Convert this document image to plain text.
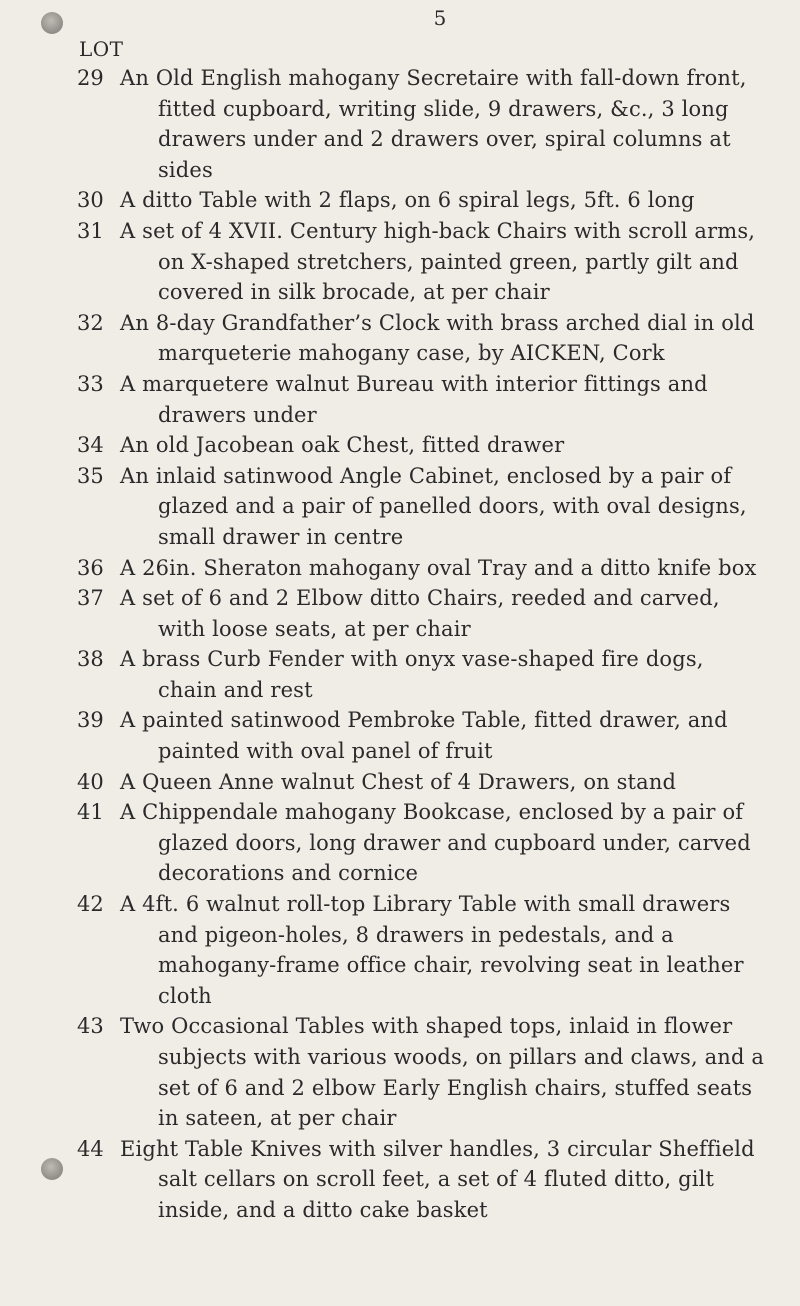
5
LOT
29 An Old English mahogany Secretaire with fall-down front, fitted cupboard, writing slide, 9 drawers, &c., 3 long drawers under and 2 drawers over, spiral columns at sides
30 A ditto Table with 2 flaps, on 6 spiral legs, 5ft. 6 long
31 A set of 4 XVII. Century high-back Chairs with scroll arms, on X-shaped stretchers, painted green, partly gilt and covered in silk brocade, at per chair
32 An 8-day Grandfather’s Clock with brass arched dial in old marqueterie mahogany case, by AICKEN, Cork
33 A marquetere walnut Bureau with interior fittings and drawers under
34 An old Jacobean oak Chest, fitted drawer
35 An inlaid satinwood Angle Cabinet, enclosed by a pair of glazed and a pair of panelled doors, with oval designs, small drawer in centre
36 A 26in. Sheraton mahogany oval Tray and a ditto knife box
37 A set of 6 and 2 Elbow ditto Chairs, reeded and carved, with loose seats, at per chair
38 A brass Curb Fender with onyx vase-shaped fire dogs, chain and rest
39 A painted satinwood Pembroke Table, fitted drawer, and painted with oval panel of fruit
40 A Queen Anne walnut Chest of 4 Drawers, on stand
41 A Chippendale mahogany Bookcase, enclosed by a pair of glazed doors, long drawer and cupboard under, carved decorations and cornice
42 A 4ft. 6 walnut roll-top Library Table with small drawers and pigeon-holes, 8 drawers in pedestals, and a mahogany-frame office chair, revolving seat in leather cloth
43 Two Occasional Tables with shaped tops, inlaid in flower subjects with various woods, on pillars and claws, and a set of 6 and 2 elbow Early English chairs, stuffed seats in sateen, at per chair
44 Eight Table Knives with silver handles, 3 circular Sheffield salt cellars on scroll feet, a set of 4 fluted ditto, gilt inside, and a ditto cake basket
